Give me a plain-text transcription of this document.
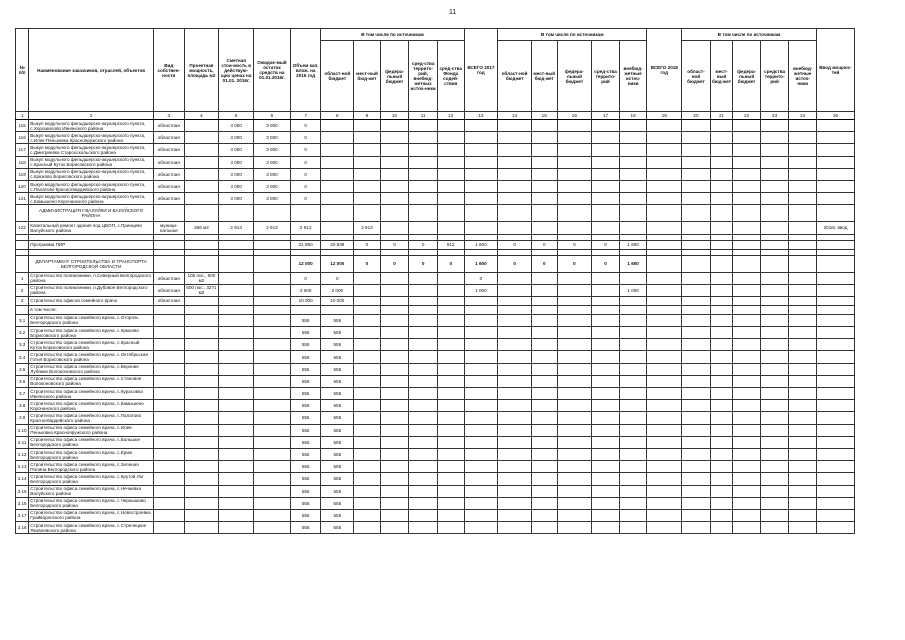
11
№ п/п	Наименование заказчиков, отраслей, объектов	Вид собствен-ности	Проектная мощность, площадь м2	Сметная стои-мость в действую-щих ценах на 01.01. 2016г.	Ожидае-мый остаток средств на 01.01.2016г.	Объем кап. влож. на 2016 год	В том числе по источникам					ВСЕГО 2017 год	В том числе по источникам					ВСЕГО 2018 год	В том числе по источникам					Ввод мощнос-тей
							област-ной бюджет	мест-ный бюд-жет	федера-льный бюджет	сред-ства террито-рий, внебюд-жетных источ-ники	сред-ства Фонда содей-ствия		област-ной бюджет	мест-ный бюд-жет	федера-льный бюджет	сред-ства террито-рий	внебюд-жетные источ-ники		област-ной бюджет	мест-ный бюд-жет	федера-льный бюджет	средства террито-рий	внебюд-жетные источ-ники	
1	2	3	4	5	6	7	8	9	10	11	12	13	14	15	16	17	18	19	20	21	22	23	24	25
115	Выкуп модульного фельдшерско-акушерского пункта, с.Хорошилово Ивнянского района	областная		3 000	3 000	0																		
116	Выкуп модульного фельдшерско-акушерского пункта, с.Илек-Пеньковка Краснояружского района	областная		3 000	3 000	0																		
117	Выкуп модульного фельдшерско-акушерского пункта, с.Дмитриевка Старооскольского района	областная		3 000	3 000	0																		
118	Выкуп модульного фельдшерско-акушерского пункта, с.Красный Куток Борисовского района	областная		3 000	3 000	0																		
119	Выкуп модульного фельдшерско-акушерского пункта, с.Крюково Борисовского района	областная		3 000	3 000	0																		
120	Выкуп модульного фельдшерско-акушерского пункта, с.Палатово Красногвардейского района	областная		3 000	3 000	0																		
121	Выкуп модульного фельдшерско-акушерского пункта, с.Камышено Корочанского района	областная		3 000	3 000	0																		
	АДМИНИСТРАЦИЯ Г.ВАЛУЙКИ И ВАЛУЙСКОГО РАЙОНА																							
122	Капитальный ремонт здания под ЦБОП, с.Принцево Валуйского района	муници-пальная	266 м2	2 913	2 913	2 913		2 913																2016г. ввод

	Программа ПИР					21 850	20 938	0	0	0	912	1 600	0	0	0	0	1 600							

	ДЕПАРТАМЕНТ СТРОИТЕЛЬСТВА И ТРАНСПОРТА БЕЛГОРОДСКОЙ ОБЛАСТИ					12 000	12 000	0	0	0	0	1 600	0	0	0	0	1 600							
1	Строительство поликлиники, п.Северный Белгородского района	областная	105 пос., 600 м2			0	0					0												
2	Строительство поликлиники, п.Дубовое Белгородского района	областная	500 пос., 3271 м2			2 000	2 000					1 000					1 000							
3	Строительство офисов семейного врача	областная				10 000	10 000																	
	в том числе:																							
3.1	Строительство офиса семейного врача, с.Оторочь Белгородского района					555	555																	
3.2	Строительство офиса семейного врача, с.Крюково Борисовского района					555	555																	
3.3	Строительство офиса семейного врача, с.Красный Куток Борисовского района					555	555																	
3.4	Строительство офиса семейного врача, с.Октябрьская Готня Борисовского района					555	555																	
3.5	Строительство офиса семейного врача, с.Верхние Лубянки Волоконовского района					555	555																	
3.6	Строительство офиса семейного врача, с.Становое Волоконовского района					555	555																	
3.7	Строительство офиса семейного врача, с.Курасовка Ивнянского района					555	555																	
3.8	Строительство офиса семейного врача, с.Камышено Корочанского района					555	555																	
3.9	Строительство офиса семейного врача, с.Палатово Красногвардейского района					555	555																	
3.10	Строительство офиса семейного врача, с.Илек-Пеньковка Краснояружского района					555	555																	
3.11	Строительство офиса семейного врача, с.Большое Белгородского района					555	555																	
3.12	Строительство офиса семейного врача, с.Ериж Белгородского района					555	555																	
3.13	Строительство офиса семейного врача, с.Зеленая Поляна Белгородского района					555	555																	
3.14	Строительство офиса семейного врача, с.Крутой Лог Белгородского района					555	555																	
3.15	Строительство офиса семейного врача, с.Нечаевка Валуйского района					555	555																	
3.16	Строительство офиса семейного врача, с.Чернышово Белгородского района					555	555																	
3.17	Строительство офиса семейного врача, с.Новостроевка Грайворонского района					555	555																	
3.18	Строительство офиса семейного врача, с.Стрелецкое Яковлевского района					555	555																	
